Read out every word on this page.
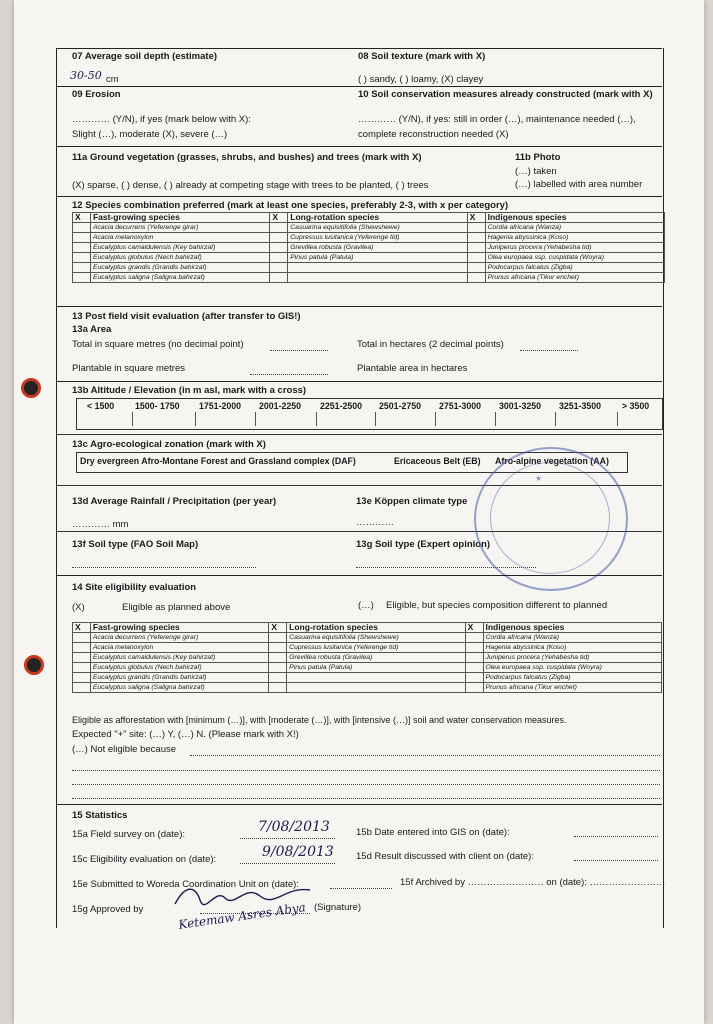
07 Average soil depth (estimate)	08 Soil texture (mark with X)
30-50 cm	( ) sandy, ( ) loamy, (X) clayey
09 Erosion	10 Soil conservation measures already constructed (mark with X)
………… (Y/N), if yes (mark below with X):
Slight (…), moderate (X), severe (…)
………… (Y/N), if yes: still in order (…), maintenance needed (…),
complete reconstruction needed (X)
11a Ground vegetation (grasses, shrubs, and bushes) and trees (mark with X)	11b Photo
(…) taken
(…) labelled with area number
(X) sparse, ( ) dense, ( ) already at competing stage with trees to be planted, ( ) trees
12 Species combination preferred (mark at least one species, preferably 2-3, with x per category)
X	Fast-growing species	X	Long-rotation species	X	Indigenous species
	Acacia decurrens (Yeferenge girar)		Casuarina equisitifolia (Shewshewe)		Cordia africana (Wanza)
	Acacia melanoxylon		Cupressus lusitanica (Yeferenge tid)		Hagenia abyssinica (Koso)
	Eucalyptus camaldulensis (Key bahirzaf)		Grevillea robusta (Gravilea)		Juniperus procera (Yehabesha tid)
	Eucalyptus globulus (Nech bahirzaf)		Pinus patula (Patula)		Olea europaea ssp. cuspidata (Woyra)
	Eucalyptus grandis (Grandis bahirzaf)				Podocarpus falcatus (Zigba)
	Eucalyptus saligna (Saligna bahirzaf)				Prunus africana (Tikur enchet)
13 Post field visit evaluation (after transfer to GIS!)
13a Area
Total in square metres (no decimal point)	Total in hectares (2 decimal points)
Plantable in square metres	Plantable area in hectares
13b Altitude / Elevation (in m asl, mark with a cross)
< 1500 1500- 1750 1751-2000 2001-2250 2251-2500 2501-2750 2751-3000 3001-3250 3251-3500 > 3500
13c Agro-ecological zonation (mark with X)
Dry evergreen Afro-Montane Forest and Grassland complex (DAF)	Ericaceous Belt (EB) Afro-alpine vegetation (AA)
13d Average Rainfall / Precipitation (per year)
………… mm
13e Köppen climate type
…………
13f Soil type (FAO Soil Map)	13g Soil type (Expert opinion)
★
14 Site eligibility evaluation
(X)	Eligible as planned above	(…) Eligible, but species composition different to planned
X	Fast-growing species	X	Long-rotation species	X	Indigenous species
	Acacia decurrens (Yeferenge girar)		Casuarina equisitifolia (Shewshewe)		Cordia africana (Wanza)
	Acacia melanoxylon		Cupressus lusitanica (Yeferenge tid)		Hagenia abyssinica (Koso)
	Eucalyptus camaldulensis (Key bahirzaf)		Grevillea robusta (Gravilea)		Juniperus procera (Yehabesha tid)
	Eucalyptus globulus (Nech bahirzaf)		Pinus patula (Patula)		Olea europaea ssp. cuspidata (Woyra)
	Eucalyptus grandis (Grandis bahirzaf)				Podocarpus falcatus (Zigba)
	Eucalyptus saligna (Saligna bahirzaf)				Prunus africana (Tikur enchet)
Eligible as afforestation with [minimum (…)], with [moderate (…)], with [intensive (…)] soil and water conservation measures.
Expected "+" site: (…) Y, (…) N. (Please mark with X!)
(…) Not eligible because
15 Statistics
15a Field survey on (date):	7/08/2013	15b Date entered into GIS on (date):
15c Eligibility evaluation on (date):	9/08/2013 15d Result discussed with client on (date):
15e Submitted to Woreda Coordination Unit on (date):	15f Archived by …………………… on (date): ……………………
15g Approved by	(Signature)
Ketemaw Asres Abya
